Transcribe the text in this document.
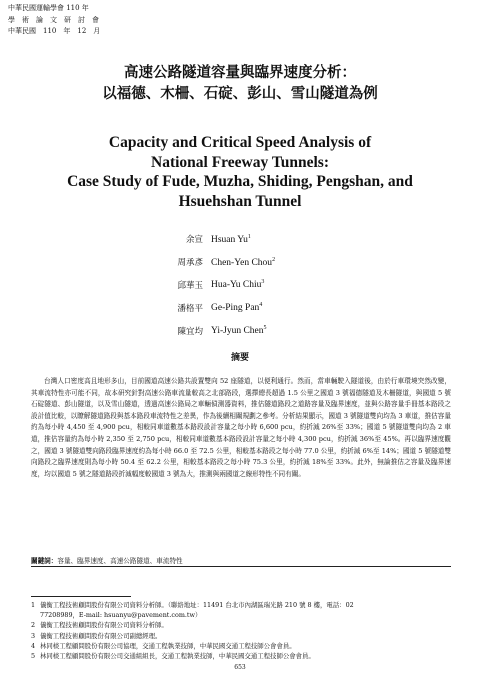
中華民國運輸學會 110 年
學　術　論　文　研　討　會
中華民國　110　年　12　月
高速公路隧道容量與臨界速度分析：
以福德、木柵、石碇、彭山、雪山隧道為例
Capacity and Critical Speed Analysis of
National Freeway Tunnels:
Case Study of Fude, Muzha, Shiding, Pengshan, and
Hsuehshan Tunnel
余宣 Hsuan Yu$^1$
周承彥 Chen-Yen Chou$^2$
邱華玉 Hua-Yu Chiu$^3$
潘格平 Ge-Ping Pan$^4$
陳宜均 Yi-Jyun Chen$^5$
摘要
台灣人口密度高且地形多山，目前國道高速公路共設置雙向 52 座隧道，以便利通行。然而，當車輛駛入隧道後，由於行車環境突然改變，其車流特性亦可能不同，故本研究針對高速公路車流量較高之北部路段，選擇總長超過 1.5 公里之國道 3 號福德隧道及木柵隧道，與國道 5 號石碇隧道、彭山隧道，以及雪山隧道，透過高速公路局之車輛偵測器資料，推估隧道路段之道路容量及臨界速度，並與公路容量手冊基本路段之設計值比較，以瞭解隧道路段與基本路段車流特性之差異，作為後續相關規劃之參考。分析結果顯示，國道 3 號隧道雙向均為 3 車道，推估容量約為每小時 4,450 至 4,900 pcu，相較同車道數基本路段設計容量之每小時 6,600 pcu，約折減 26%至 33%；國道 5 號隧道雙向均為 2 車道，推估容量約為每小時 2,350 至 2,750 pcu，相較同車道數基本路段設計容量之每小時 4,300 pcu，約折減 36%至 45%。再以臨界速度觀之，國道 3 號隧道雙向路段臨界速度約為每小時 66.0 至 72.5 公里，相較基本路段之每小時 77.0 公里，約折減 6%至 14%；國道 5 號隧道雙向路段之臨界速度則為每小時 50.4 至 62.2 公里，相較基本路段之每小時 75.3 公里，約折減 18%至 33%。此外，無論推估之容量及臨界速度，均以國道 5 號之隧道路段折減幅度較國道 3 號為大，推測與兩國道之線形特性不同有關。
關鍵詞：容量、臨界速度、高速公路隧道、車流特性
1 儀衡工程技術顧問股份有限公司資料分析師。（聯絡地址：11491 台北市內湖區瑞光路 210 號 8 樓，電話：02
77208989，E-mail: hsuanyu@pavement.com.tw）
2 儀衡工程技術顧問股份有限公司資料分析師。
3 儀衡工程技術顧問股份有限公司副總經理。
4 林同棪工程顧問股份有限公司協理，交通工程執業技師，中華民國交通工程技師公會會員。
5 林同棪工程顧問股份有限公司交通組組長，交通工程執業技師，中華民國交通工程技師公會會員。
653
